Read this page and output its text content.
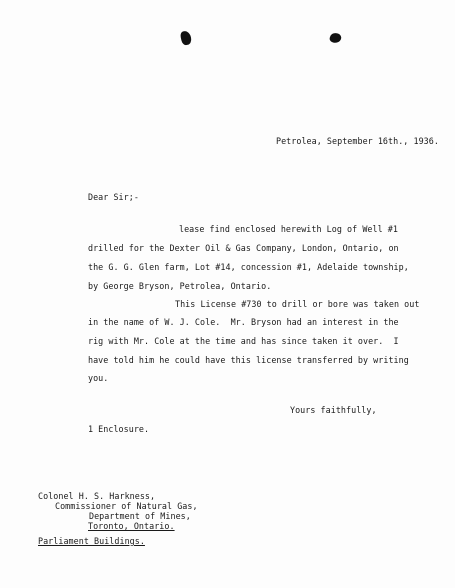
Petrolea, September 16th., 1936.
Dear Sir;-
lease find enclosed herewith Log of Well #1
drilled for the Dexter Oil & Gas Company, London, Ontario, on
the G. G. Glen farm, Lot #14, concession #1, Adelaide township,
by George Bryson, Petrolea, Ontario.
This License #730 to drill or bore was taken out
in the name of W. J. Cole.  Mr. Bryson had an interest in the
rig with Mr. Cole at the time and has since taken it over.  I
have told him he could have this license transferred by writing
you.
Yours faithfully,
1 Enclosure.
Colonel H. S. Harkness,
Commissioner of Natural Gas,
Department of Mines,
Toronto, Ontario.
Parliament Buildings.
